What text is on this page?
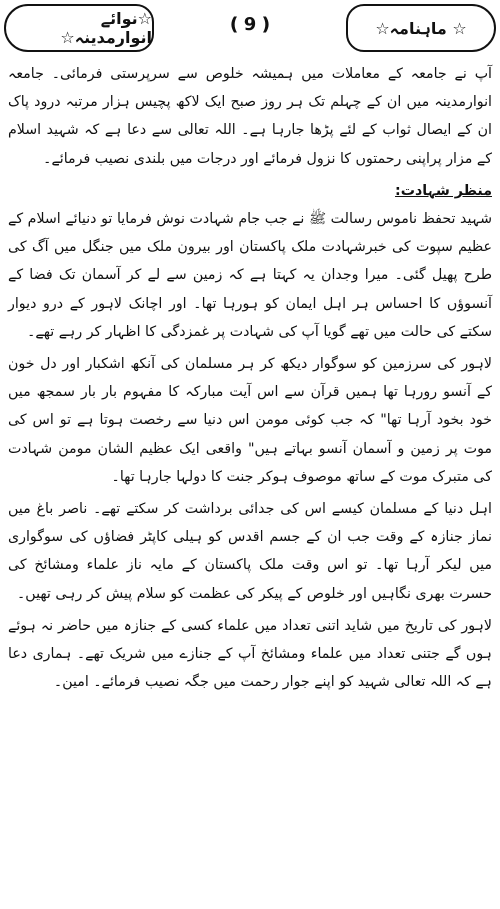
☆نوائے انوارمدینہ☆
❪ 9 ❫	☆ ماہنامہ☆

آپ نے جامعہ کے معاملات میں ہمیشہ خلوص سے سرپرستی فرمائی۔ جامعہ انوارمدینہ میں ان کے چہلم تک ہر روز صبح ایک لاکھ پچیس ہزار مرتبہ درود پاک ان کے ایصال ثواب کے لئے پڑھا جارہا ہے۔ اللہ تعالی سے دعا ہے کہ شہید اسلام کے مزار پراپنی رحمتوں کا نزول فرمائے اور درجات میں بلندی نصیب فرمائے۔

منظر شہادت:

شہید تحفظ ناموس رسالت ﷺ نے جب جام شہادت نوش فرمایا تو دنیائے اسلام کے عظیم سپوت کی خبرشہادت ملک پاکستان اور بیرون ملک میں جنگل میں آگ کی طرح پھیل گئی۔ میرا وجدان یہ کہتا ہے کہ زمین سے لے کر آسمان تک فضا کے آنسوؤں کا احساس ہر اہل ایمان کو ہورہا تھا۔ اور اچانک لاہور کے درو دیوار سکتے کی حالت میں تھے گویا آپ کی شہادت پر غمزدگی کا اظہار کر رہے تھے۔

لاہور کی سرزمین کو سوگوار دیکھ کر ہر مسلمان کی آنکھ اشکبار اور دل خون کے آنسو رورہا تھا ہمیں قرآن سے اس آیت مبارکہ کا مفہوم بار بار سمجھ میں خود بخود آرہا تھا" کہ جب کوئی مومن اس دنیا سے رخصت ہوتا ہے تو اس کی موت پر زمین و آسمان آنسو بہاتے ہیں" واقعی ایک عظیم الشان مومن شہادت کی متبرک موت کے ساتھ موصوف ہوکر جنت کا دولہا جارہا تھا۔

اہل دنیا کے مسلمان کیسے اس کی جدائی برداشت کر سکتے تھے۔ ناصر باغ میں نماز جنازہ کے وقت جب ان کے جسم اقدس کو ہیلی کاپٹر فضاؤں کی سوگواری میں لیکر آرہا تھا۔ تو اس وقت ملک پاکستان کے مایہ ناز علماء ومشائخ کی حسرت بھری نگاہیں اور خلوص کے پیکر کی عظمت کو سلام پیش کر رہی تھیں۔

لاہور کی تاریخ میں شاید اتنی تعداد میں علماء کسی کے جنازہ میں حاضر نہ ہوئے ہوں گے جتنی تعداد میں علماء ومشائخ آپ کے جنازے میں شریک تھے۔ ہماری دعا ہے کہ اللہ تعالی شہید کو اپنے جوار رحمت میں جگہ نصیب فرمائے۔ امین۔
